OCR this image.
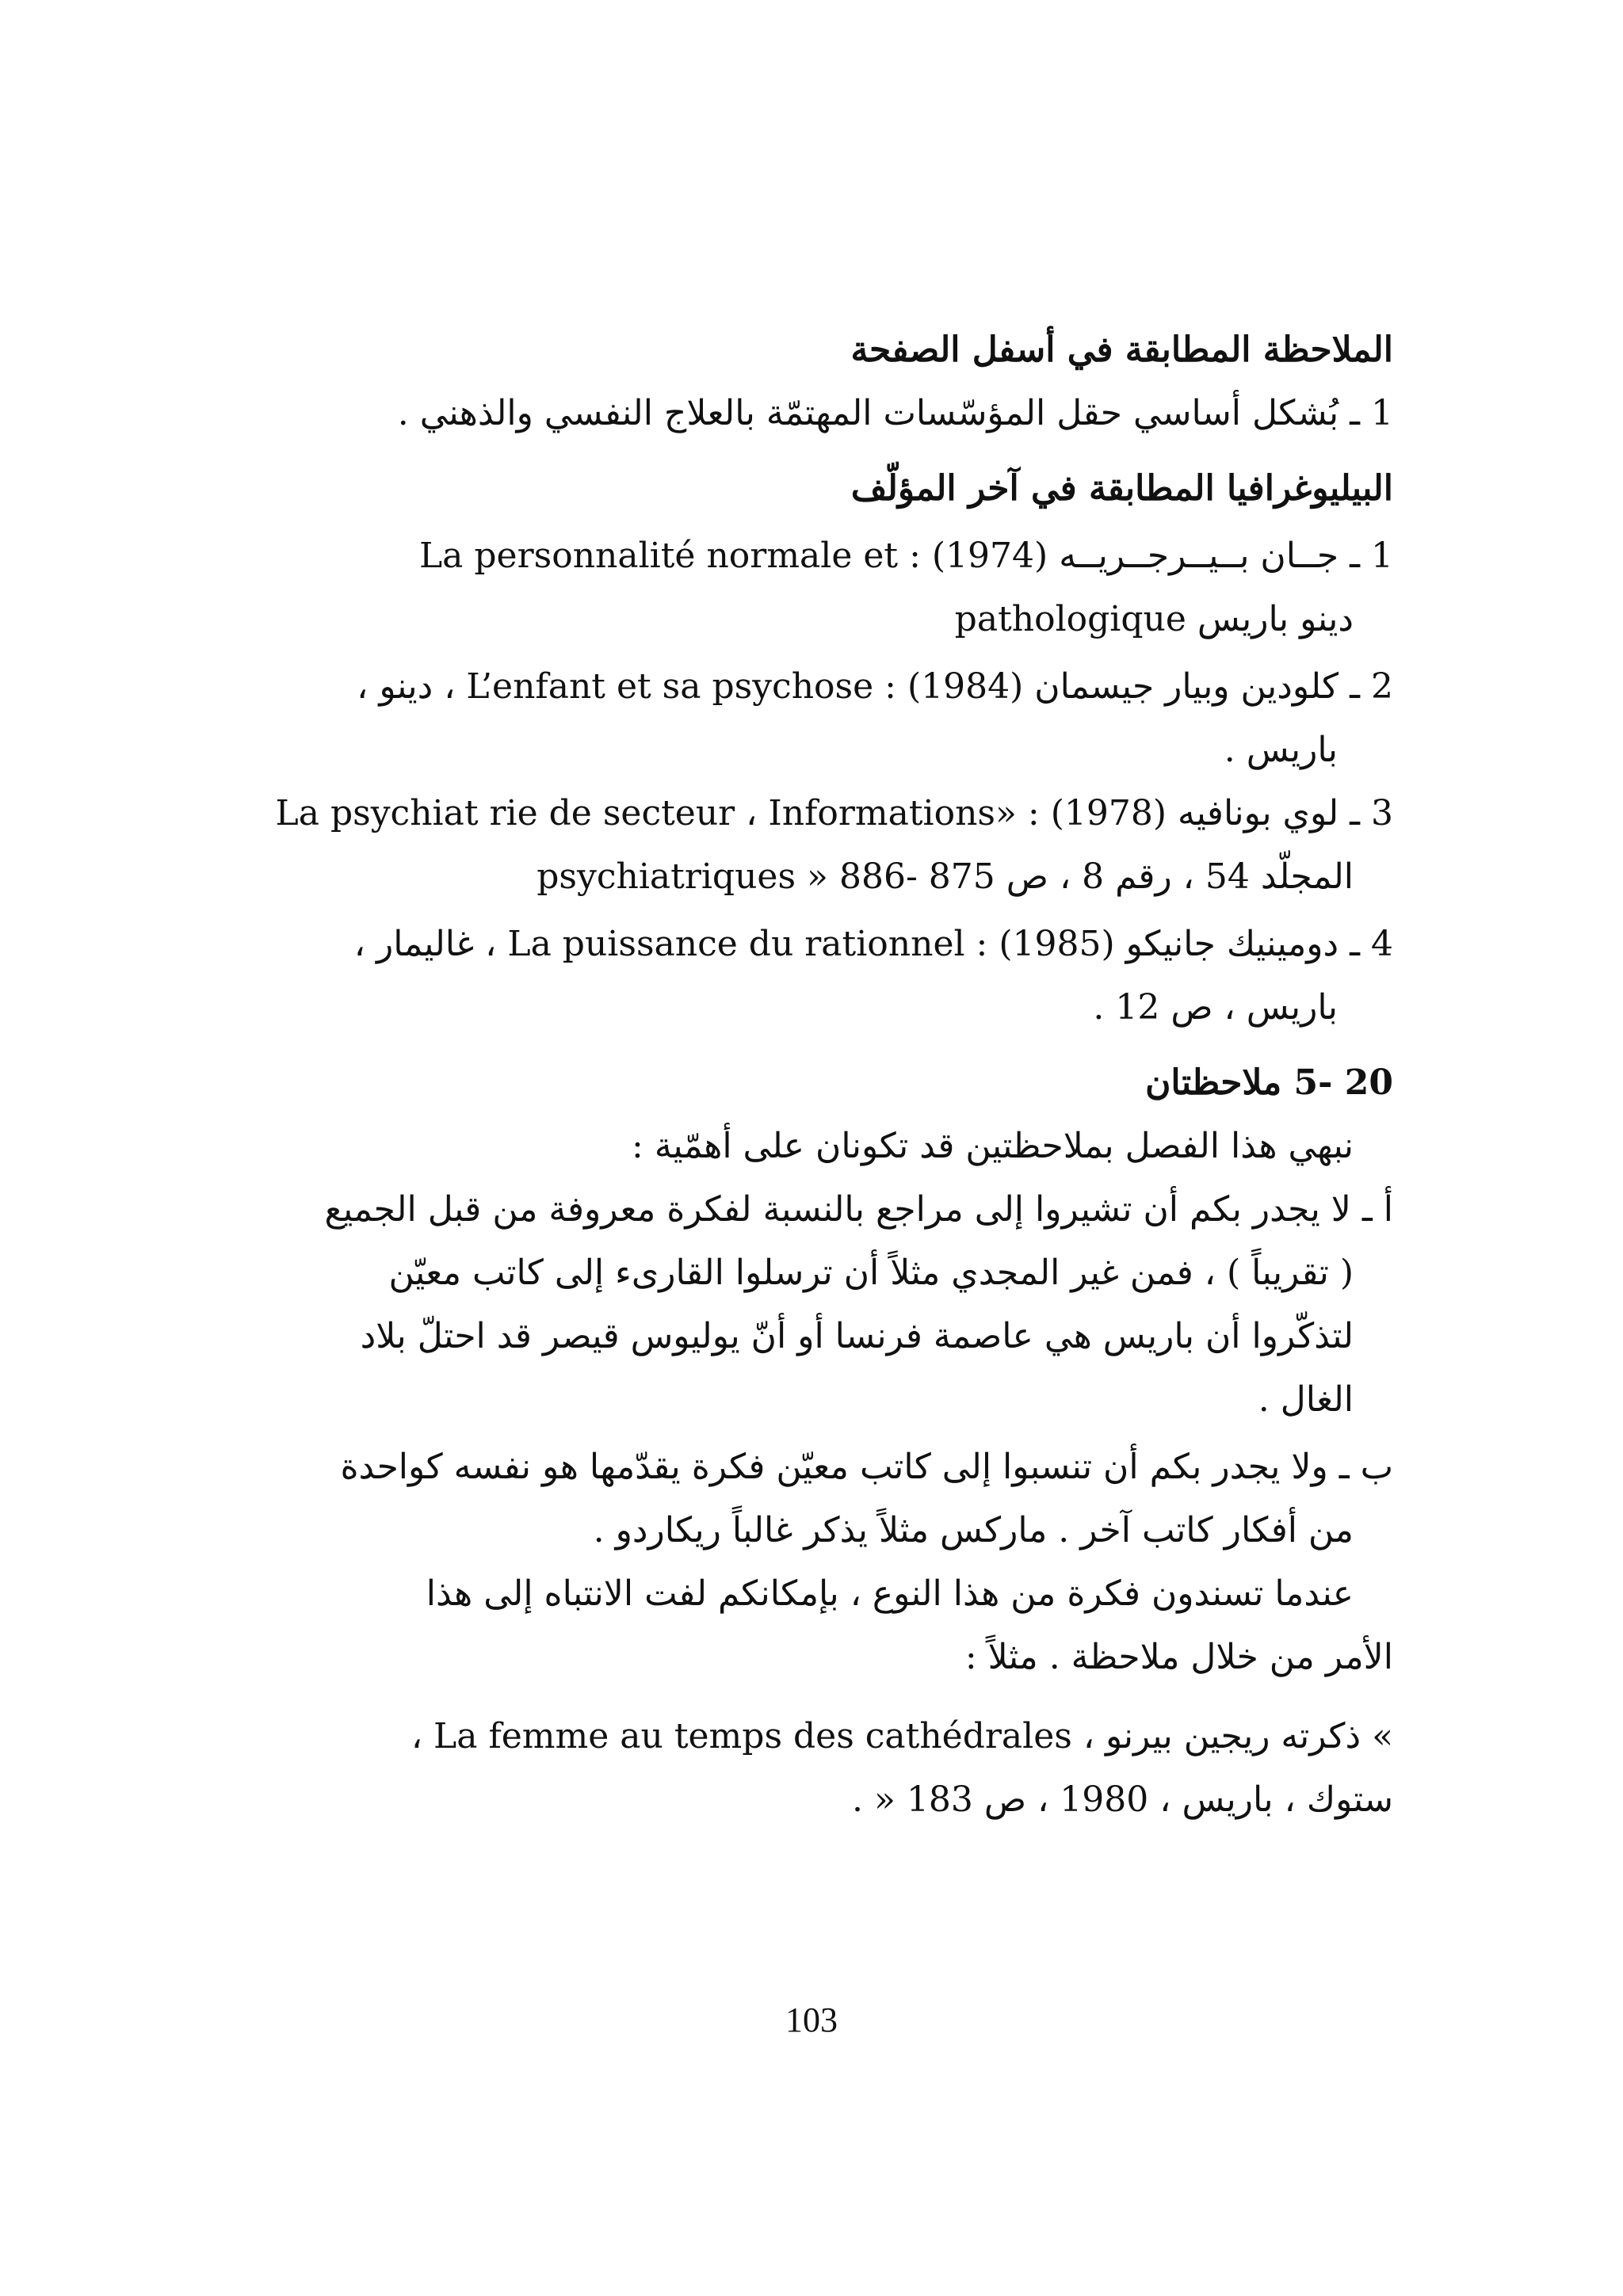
الملاحظة المطابقة في أسفل الصفحة
1 ـ بُشكل أساسي حقل المؤسّسات المهتمّة بالعلاج النفسي والذهني .
البيليوغرافيا المطابقة في آخر المؤلّف
1 ـ جــان بــيــرجــريــه (1974) : La personnalité normale et
pathologique دينو باريس
2 ـ كلودين وبيار جيسمان (1984) : L’enfant et sa psychose ، دينو ،
باريس .
3 ـ لوي بونافيه (1978) : «La psychiat rie de secteur ، Informations
psychiatriques » المجلّد 54 ، رقم 8 ، ص 875 -886
4 ـ دومينيك جانيكو (1985) : La puissance du rationnel ، غاليمار ،
باريس ، ص 12 .
20 -5 ملاحظتان
نبهي هذا الفصل بملاحظتين قد تكونان على أهمّية :
أ ـ لا يجدر بكم أن تشيروا إلى مراجع بالنسبة لفكرة معروفة من قبل الجميع
( تقريباً ) ، فمن غير المجدي مثلاً أن ترسلوا القارىء إلى كاتب معيّن
لتذكّروا أن باريس هي عاصمة فرنسا أو أنّ يوليوس قيصر قد احتلّ بلاد
الغال .
ب ـ ولا يجدر بكم أن تنسبوا إلى كاتب معيّن فكرة يقدّمها هو نفسه كواحدة
من أفكار كاتب آخر . ماركس مثلاً يذكر غالباً ريكاردو .
عندما تسندون فكرة من هذا النوع ، بإمكانكم لفت الانتباه إلى هذا
الأمر من خلال ملاحظة . مثلاً :
» ذكرته ريجين بيرنو ، La femme au temps des cathédrales ،
ستوك ، باريس ، 1980 ، ص 183 « .
103
